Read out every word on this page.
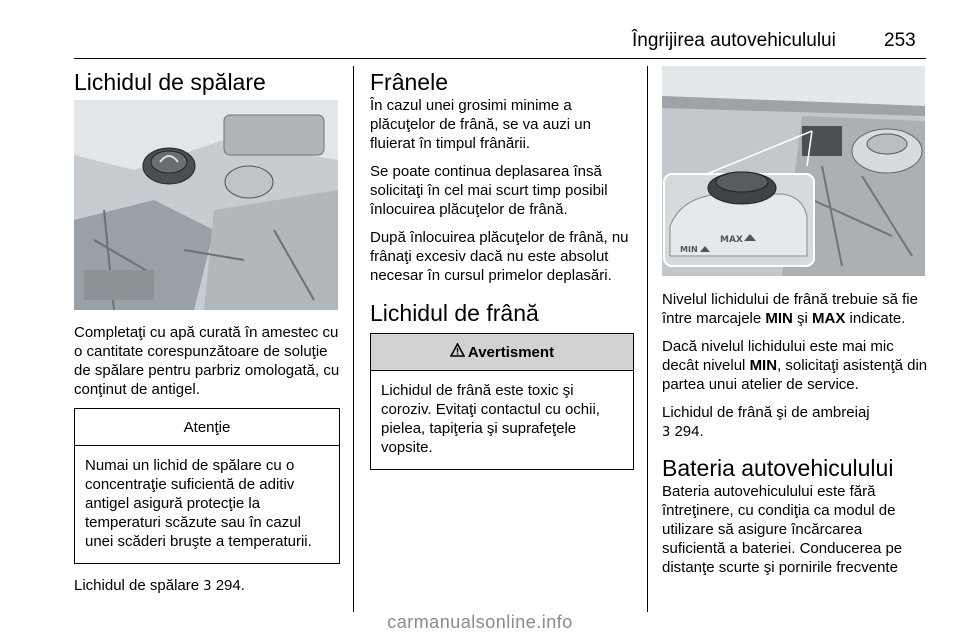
Îngrijirea autovehiculului	253
Lichidul de spălare

Completaţi cu apă curată în amestec cu o cantitate corespunzătoare de soluţie de spălare pentru parbriz omologată, cu conţinut de antigel.

Atenţie
Numai un lichid de spălare cu o concentraţie suficientă de aditiv antigel asigură protecţie la temperaturi scăzute sau în cazul unei scăderi bruşte a temperaturii.

Lichidul de spălare 3 294.

Frânele

În cazul unei grosimi minime a plăcuţelor de frână, se va auzi un fluierat în timpul frânării.

Se poate continua deplasarea însă solicitaţi în cel mai scurt timp posibil înlocuirea plăcuţelor de frână.

După înlocuirea plăcuţelor de frână, nu frânaţi excesiv dacă nu este absolut necesar în cursul primelor deplasări.

Lichidul de frână
Avertisment
Lichidul de frână este toxic şi coroziv. Evitaţi contactul cu ochii, pielea, tapiţeria şi suprafeţele vopsite.
MAX
MIN

Nivelul lichidului de frână trebuie să fie între marcajele MIN şi MAX indicate.

Dacă nivelul lichidului este mai mic decât nivelul MIN, solicitaţi asistenţă din partea unui atelier de service.

Lichidul de frână şi de ambreiaj
3 294.

Bateria autovehiculului

Bateria autovehiculului este fără întreţinere, cu condiţia ca modul de utilizare să asigure încărcarea suficientă a bateriei. Conducerea pe distanţe scurte şi pornirile frecvente

carmanualsonline.info
